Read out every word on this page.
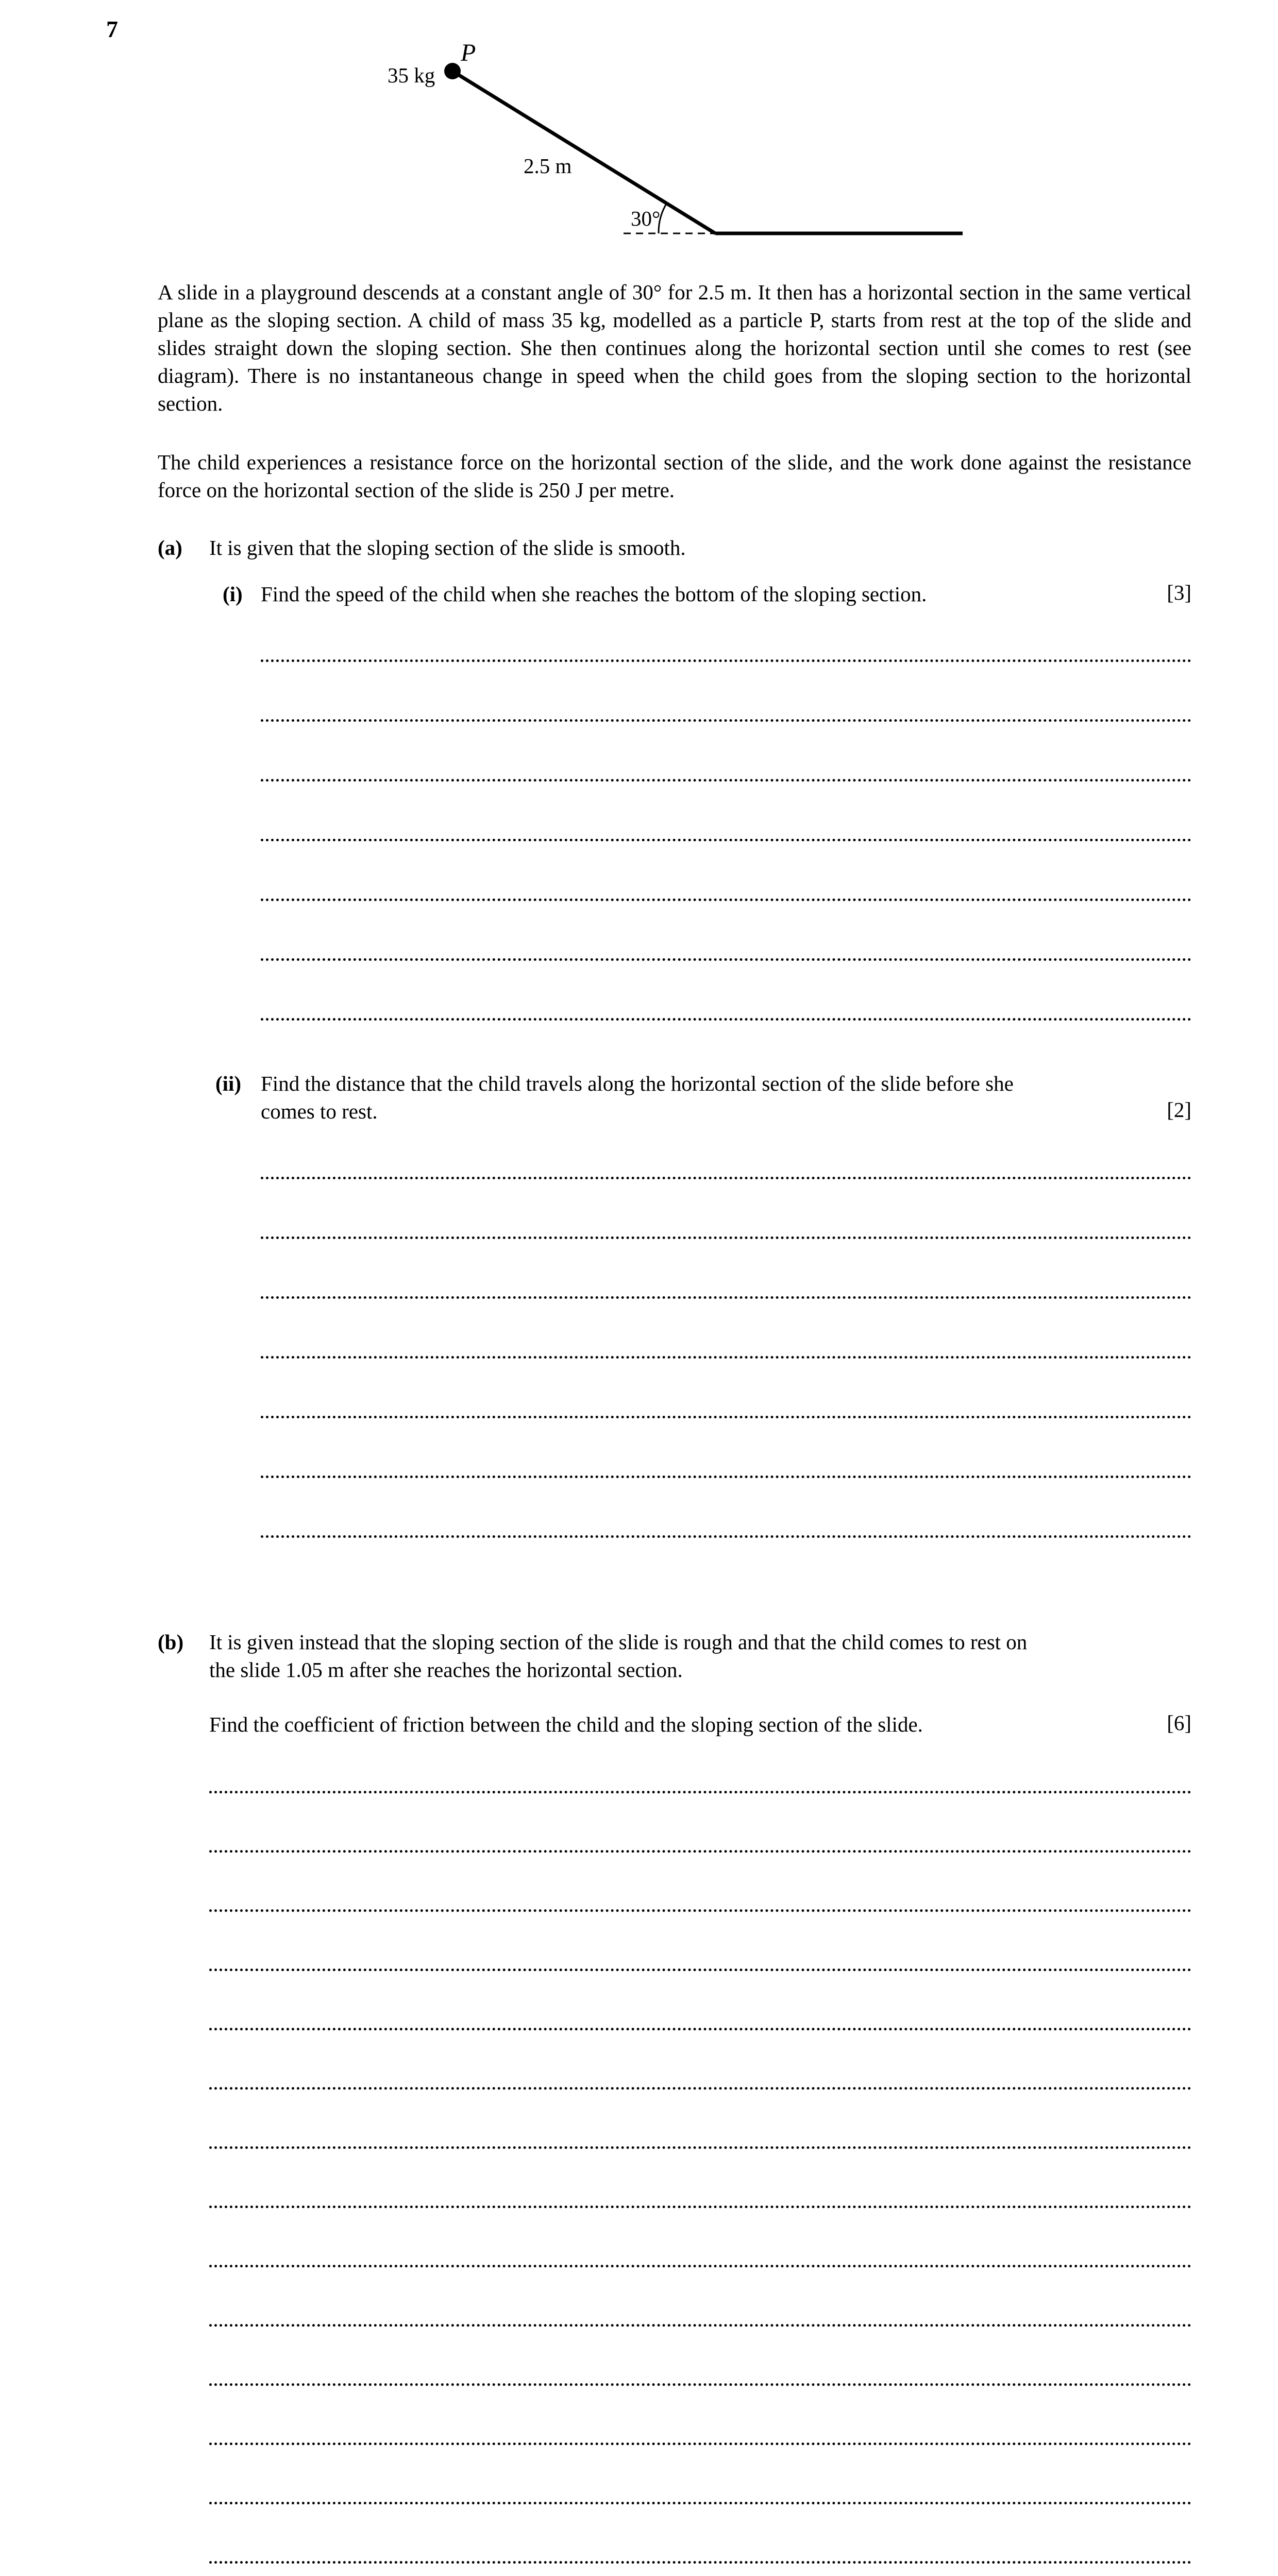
7
P
35 kg
2.5 m
30°

A slide in a playground descends at a constant angle of 30° for 2.5 m. It then has a horizontal section in the same vertical plane as the sloping section. A child of mass 35 kg, modelled as a particle P, starts from rest at the top of the slide and slides straight down the sloping section. She then continues along the horizontal section until she comes to rest (see diagram). There is no instantaneous change in speed when the child goes from the sloping section to the horizontal section.

The child experiences a resistance force on the horizontal section of the slide, and the work done against the resistance force on the horizontal section of the slide is 250 J per metre.

(a) It is given that the sloping section of the slide is smooth.
(i) Find the speed of the child when she reaches the bottom of the sloping section.	[3]
(ii) Find the distance that the child travels along the horizontal section of the slide before she
comes to rest.	[2]
(b) It is given instead that the sloping section of the slide is rough and that the child comes to rest on
the slide 1.05 m after she reaches the horizontal section.
Find the coefficient of friction between the child and the sloping section of the slide.	[6]
